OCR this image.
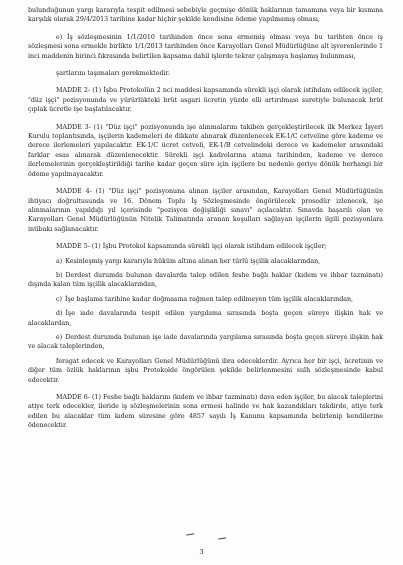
bulunduğunun yargı kararıyla tespit edilmesi sebebiyle geçmişe dönük haklarının tamamına veya bir kısmına karşılık olarak 29/4/2013 tarihine kadar hiçbir şekilde kendisine ödeme yapılmamış olması,

e) İş sözleşmesinin 1/1/2010 tarihinden önce sona ermemiş olması veya bu tarihten önce iş sözleşmesi sona ermekle birlikte 1/1/2013 tarihinden önce Karayolları Genel Müdürlüğüne alt işverenlerinde 1 inci maddenin birinci fıkrasında belirtilen kapsama dahil işlerde tekrar çalışmaya başlamış bulunması,

şartlarını taşımaları gerekmektedir.

MADDE 2- (1) İşbu Protokolün 2 nci maddesi kapsamında sürekli işçi olarak istihdam edilecek işçiler, "düz işçi" pozisyonunda ve yürürlükteki brüt asgari ücretin yüzde elli artırılması suretiyle bulunacak brüt çıplak ücretle işe başlatılacaktır.

MADDE 3- (1) "Düz işçi" pozisyonunda işe alınmalarını takiben gerçekleştirilecek ilk Merkez İşyeri Kurulu toplantısında, işçilerin kademeleri de dikkate alınarak düzenlenecek EK-1/C cetveline göre kademe ve derece ilerlemeleri yapılacaktır. EK-1/C ücret cetveli, EK-1/B cetvelindeki derece ve kademeler arasındaki farklar esas alınarak düzenlenecektir. Sürekli işçi kadrolarına atama tarihinden, kademe ve derece ilerlemelerinin gerçekleştirildiği tarihe kadar geçen süre için işçilere bu nedenle geriye dönük herhangi bir ödeme yapılmayacaktır.

MADDE 4- (1) "Düz işçi" pozisyonuna alınan işçiler arasından, Karayolları Genel Müdürlüğünün ihtiyacı doğrultusunda ve 16. Dönem Toplu İş Sözleşmesinde öngörülecek prosedür izlenecek, işe alınmalarının yapıldığı yıl içerisinde "pozisyon değişikliği sınavı" açılacaktır. Sınavda başarılı olan ve Karayolları Genel Müdürlüğünün Nitelik Talimatında aranan koşulları sağlayan işçilerin ilgili pozisyonlara intibakı sağlanacaktır.

MADDE 5- (1) İşbu Protokol kapsamında sürekli işçi olarak istihdam edilecek işçiler;

a) Kesinleşmiş yargı kararıyla hüküm altına alınan her türlü işçilik alacaklarından,

b) Derdest durumda bulunan davalarda talep edilen feshe bağlı haklar (kıdem ve ihbar tazminatı) dışında kalan tüm işçilik alacaklarından,

c) İşe başlama tarihine kadar doğmasına rağmen talep edilmeyen tüm işçilik alacaklarından,

d) İşe iade davalarında tespit edilen yargılama sırasında boşta geçen süreye ilişkin hak ve alacaklardan,

e) Derdest durumda bulunan işe iade davalarında yargılama sırasında boşta geçen süreye ilişkin hak ve alacak taleplerinden,

feragat edecek ve Karayolları Genel Müdürlüğünü ibra edeceklerdir. Ayrıca her bir işçi, ücretinin ve diğer tüm özlük haklarının işbu Protokolde öngörülen şekilde belirlenmesini sulh sözleşmesinde kabul edecektir.

MADDE 6- (1) Feshe bağlı haklarını (kıdem ve ihbar tazminatı) dava eden işçiler, bu alacak taleplerini atiye terk edecekler, ileride iş sözleşmelerinin sona ermesi halinde ve hak kazandıkları takdirde, atiye terk edilen bu alacaklar tüm kıdem süresine göre 4857 sayılı İş Kanunu kapsamında belirlenip kendilerine ödenecektir.

3
